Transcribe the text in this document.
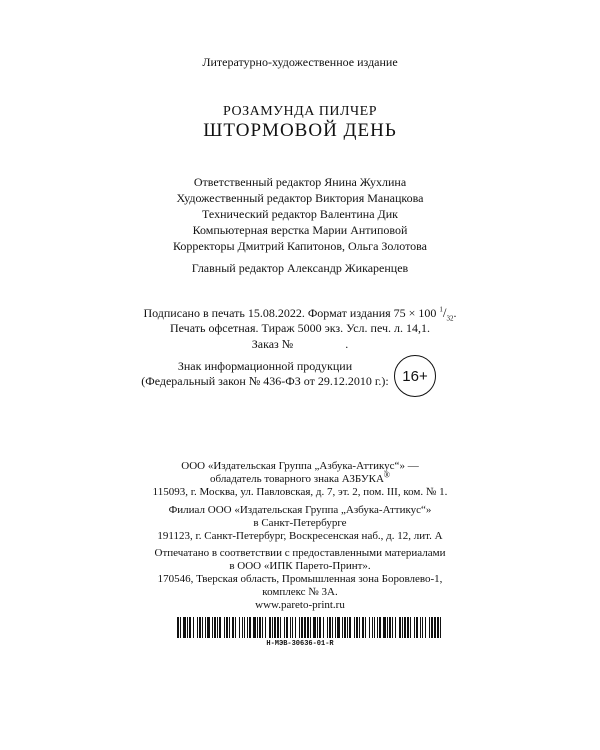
Литературно-художественное издание
РОЗАМУНДА ПИЛЧЕР
ШТОРМОВОЙ ДЕНЬ
Ответственный редактор Янина Жухлина
Художественный редактор Виктория Манацкова
Технический редактор Валентина Дик
Компьютерная верстка Марии Антиповой
Корректоры Дмитрий Капитонов, Ольга Золотова
Главный редактор Александр Жикаренцев
Подписано в печать 15.08.2022. Формат издания 75 × 100 $^1/_{32}$.
Печать офсетная. Тираж 5000 экз. Усл. печ. л. 14,1.
Заказ №	.
Знак информационной продукции
(Федеральный закон № 436-ФЗ от 29.12.2010 г.): 16+
ООО «Издательская Группа „Азбука-Аттикус“» —
обладатель товарного знака АЗБУКА®
115093, г. Москва, ул. Павловская, д. 7, эт. 2, пом. III, ком. № 1.
Филиал ООО «Издательская Группа „Азбука-Аттикус“»
в Санкт-Петербурге
191123, г. Санкт-Петербург, Воскресенская наб., д. 12, лит. А
Отпечатано в соответствии с предоставленными материалами
в ООО «ИПК Парето-Принт».
170546, Тверская область, Промышленная зона Боровлево-1,
комплекс № 3А.
www.pareto-print.ru
Н-МЭВ-30636-01-R
